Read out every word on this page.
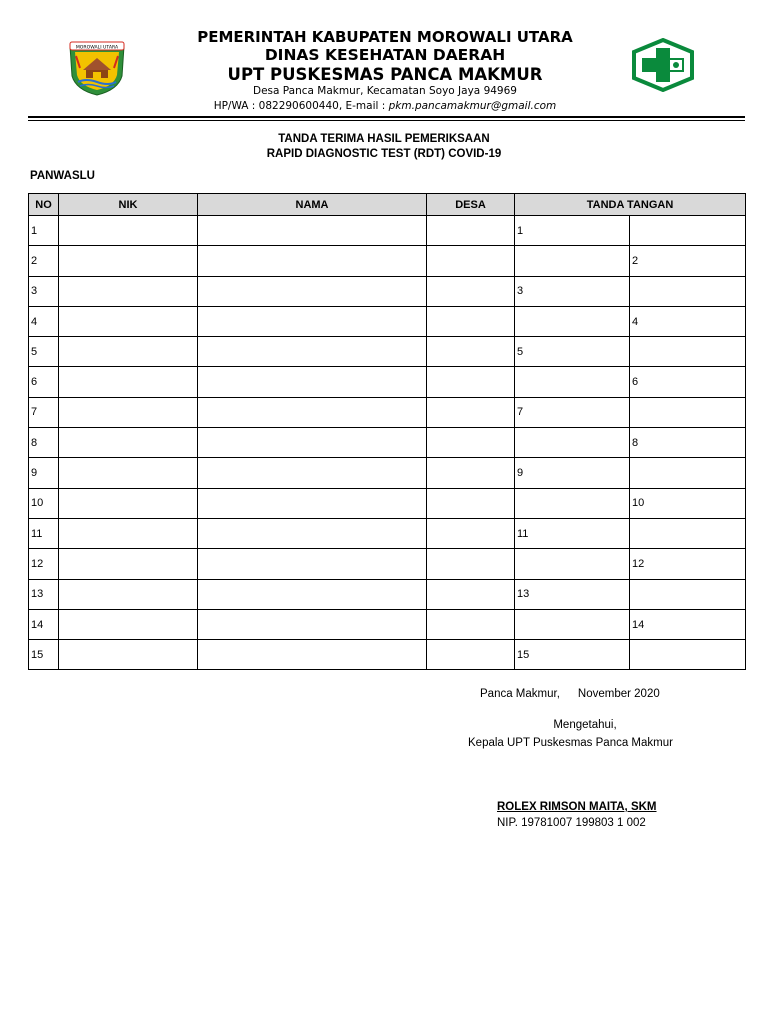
MOROWALI UTARA
PEMERINTAH KABUPATEN MOROWALI UTARA
DINAS KESEHATAN DAERAH
UPT PUSKESMAS PANCA MAKMUR
Desa Panca Makmur, Kecamatan Soyo Jaya 94969
HP/WA : 082290600440, E-mail : pkm.pancamakmur@gmail.com
TANDA TERIMA HASIL PEMERIKSAAN
RAPID DIAGNOSTIC TEST (RDT) COVID-19
PANWASLU
NO	NIK	NAMA	DESA	TANDA TANGAN	
1				1	
2					2
3				3	
4					4
5				5	
6					6
7				7	
8					8
9				9	
10					10
11				11	
12					12
13				13	
14					14
15				15	
Panca Makmur, November 2020
Mengetahui,
Kepala UPT Puskesmas Panca Makmur
ROLEX RIMSON MAITA, SKM
NIP. 19781007 199803 1 002
